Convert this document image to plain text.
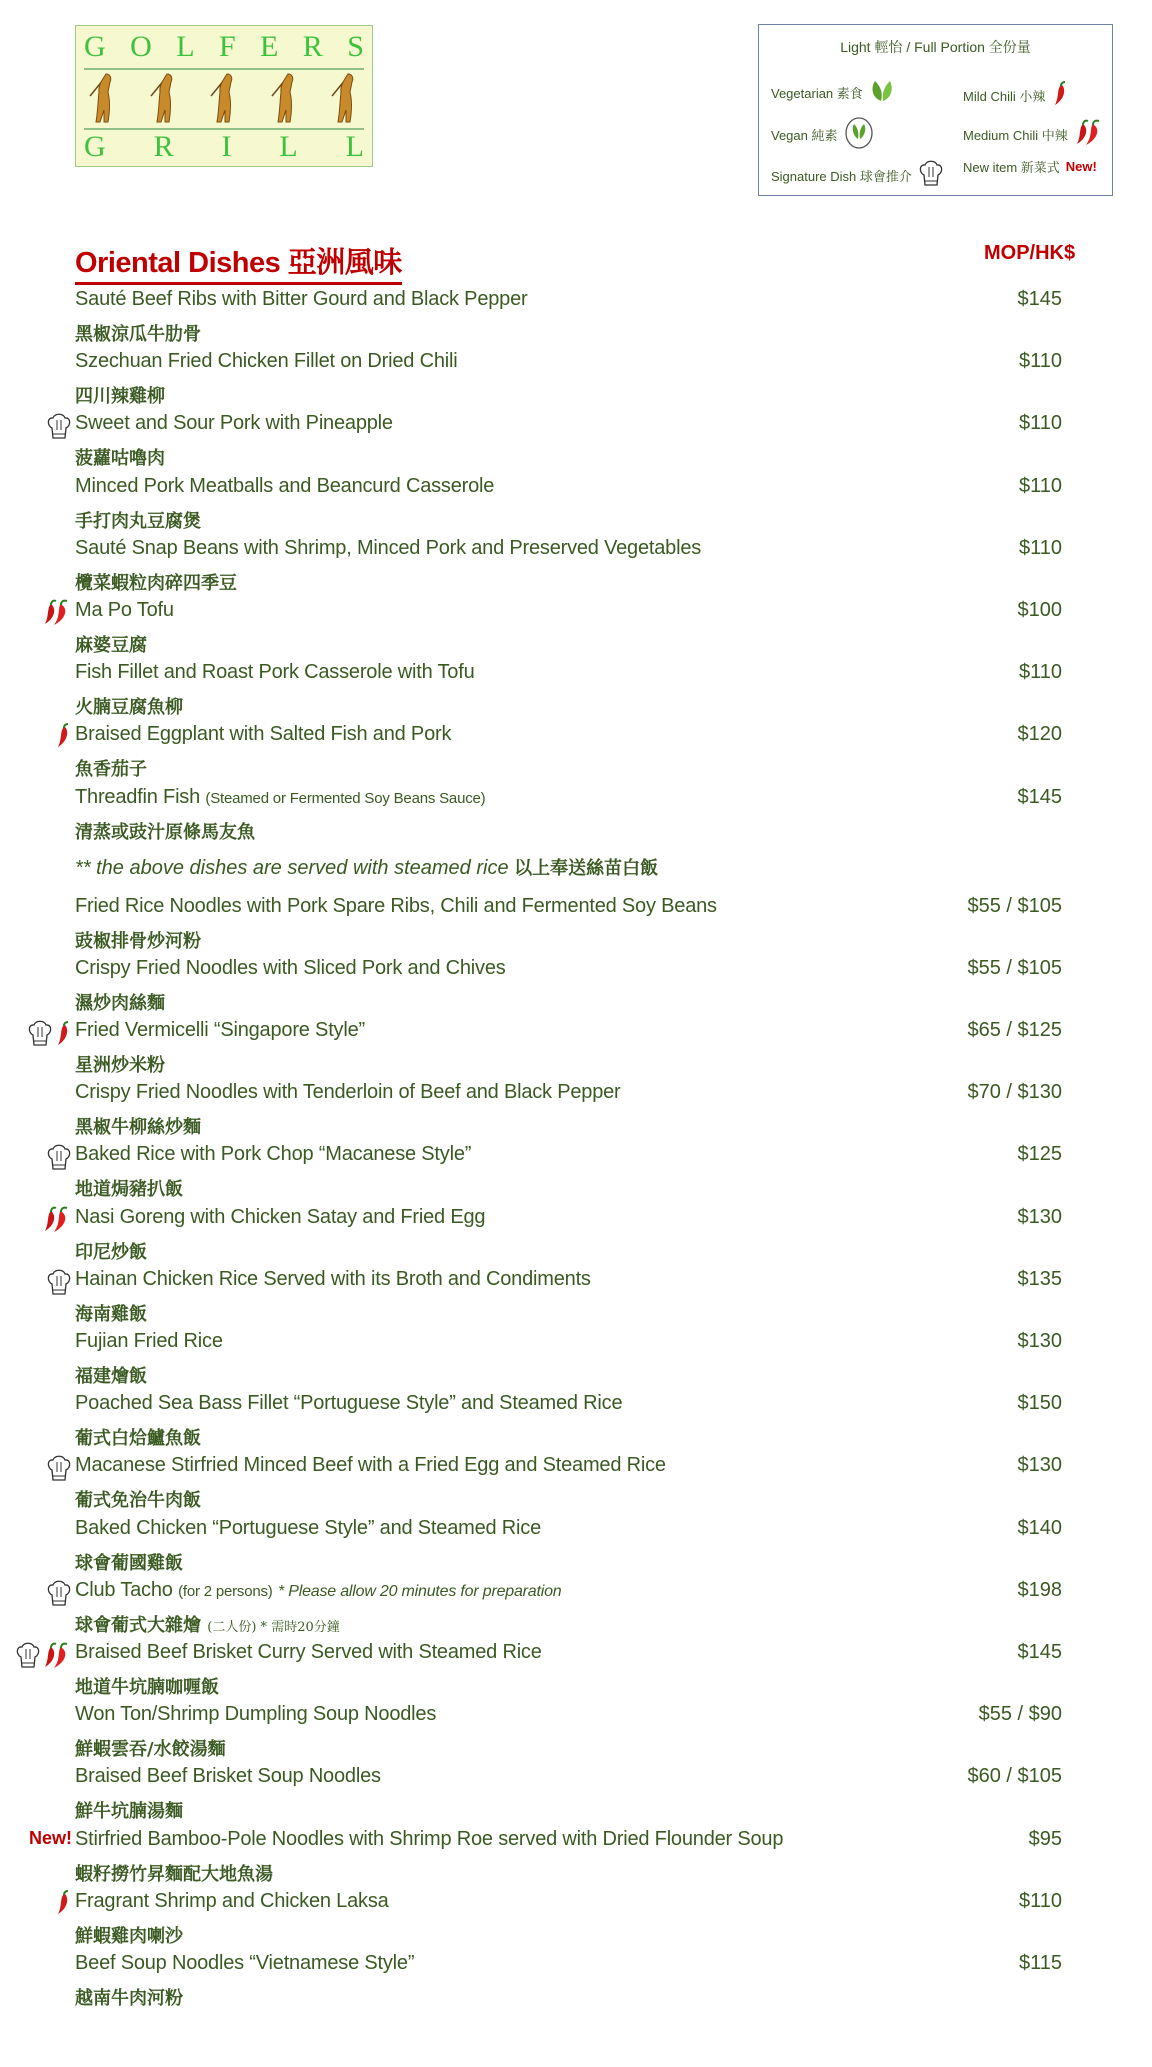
G O L F E R S
G R I L L
Light 輕怡 / Full Portion 全份量
Vegetarian 素食
Vegan 純素
Signature Dish 球會推介
Mild Chili 小辣
Medium Chili 中辣
New item 新菜式 New!
Oriental Dishes 亞洲風味	MOP/HK$
Sauté Beef Ribs with Bitter Gourd and Black Pepper
黑椒涼瓜牛肋骨
$145
Szechuan Fried Chicken Fillet on Dried Chili
四川辣雞柳
$110
Sweet and Sour Pork with Pineapple
菠蘿咕嚕肉
$110
Minced Pork Meatballs and Beancurd Casserole
手打肉丸豆腐煲
$110
Sauté Snap Beans with Shrimp, Minced Pork and Preserved Vegetables
欖菜蝦粒肉碎四季豆
$110
Ma Po Tofu
麻婆豆腐
$100
Fish Fillet and Roast Pork Casserole with Tofu
火腩豆腐魚柳
$110
Braised Eggplant with Salted Fish and Pork
魚香茄子
$120
Threadfin Fish (Steamed or Fermented Soy Beans Sauce)
清蒸或豉汁原條馬友魚
$145
** the above dishes are served with steamed rice 以上奉送絲苗白飯
Fried Rice Noodles with Pork Spare Ribs, Chili and Fermented Soy Beans
豉椒排骨炒河粉
$55 / $105
Crispy Fried Noodles with Sliced Pork and Chives
濕炒肉絲麵
$55 / $105
Fried Vermicelli “Singapore Style”
星洲炒米粉
$65 / $125
Crispy Fried Noodles with Tenderloin of Beef and Black Pepper
黑椒牛柳絲炒麵
$70 / $130
Baked Rice with Pork Chop “Macanese Style”
地道焗豬扒飯
$125
Nasi Goreng with Chicken Satay and Fried Egg
印尼炒飯
$130
Hainan Chicken Rice Served with its Broth and Condiments
海南雞飯
$135
Fujian Fried Rice
福建燴飯
$130
Poached Sea Bass Fillet “Portuguese Style” and Steamed Rice
葡式白烚鱸魚飯
$150
Macanese Stirfried Minced Beef with a Fried Egg and Steamed Rice
葡式免治牛肉飯
$130
Baked Chicken “Portuguese Style” and Steamed Rice
球會葡國雞飯
$140
Club Tacho (for 2 persons) * Please allow 20 minutes for preparation
球會葡式大雜燴 (二人份) * 需時20分鐘
$198
Braised Beef Brisket Curry Served with Steamed Rice
地道牛坑腩咖喱飯
$145
Won Ton/Shrimp Dumpling Soup Noodles
鮮蝦雲吞/水餃湯麵
$55 / $90
Braised Beef Brisket Soup Noodles
鮮牛坑腩湯麵
$60 / $105
New! Stirfried Bamboo-Pole Noodles with Shrimp Roe served with Dried Flounder Soup
蝦籽撈竹昇麵配大地魚湯
$95
Fragrant Shrimp and Chicken Laksa
鮮蝦雞肉喇沙
$110
Beef Soup Noodles “Vietnamese Style”
越南牛肉河粉
$115
